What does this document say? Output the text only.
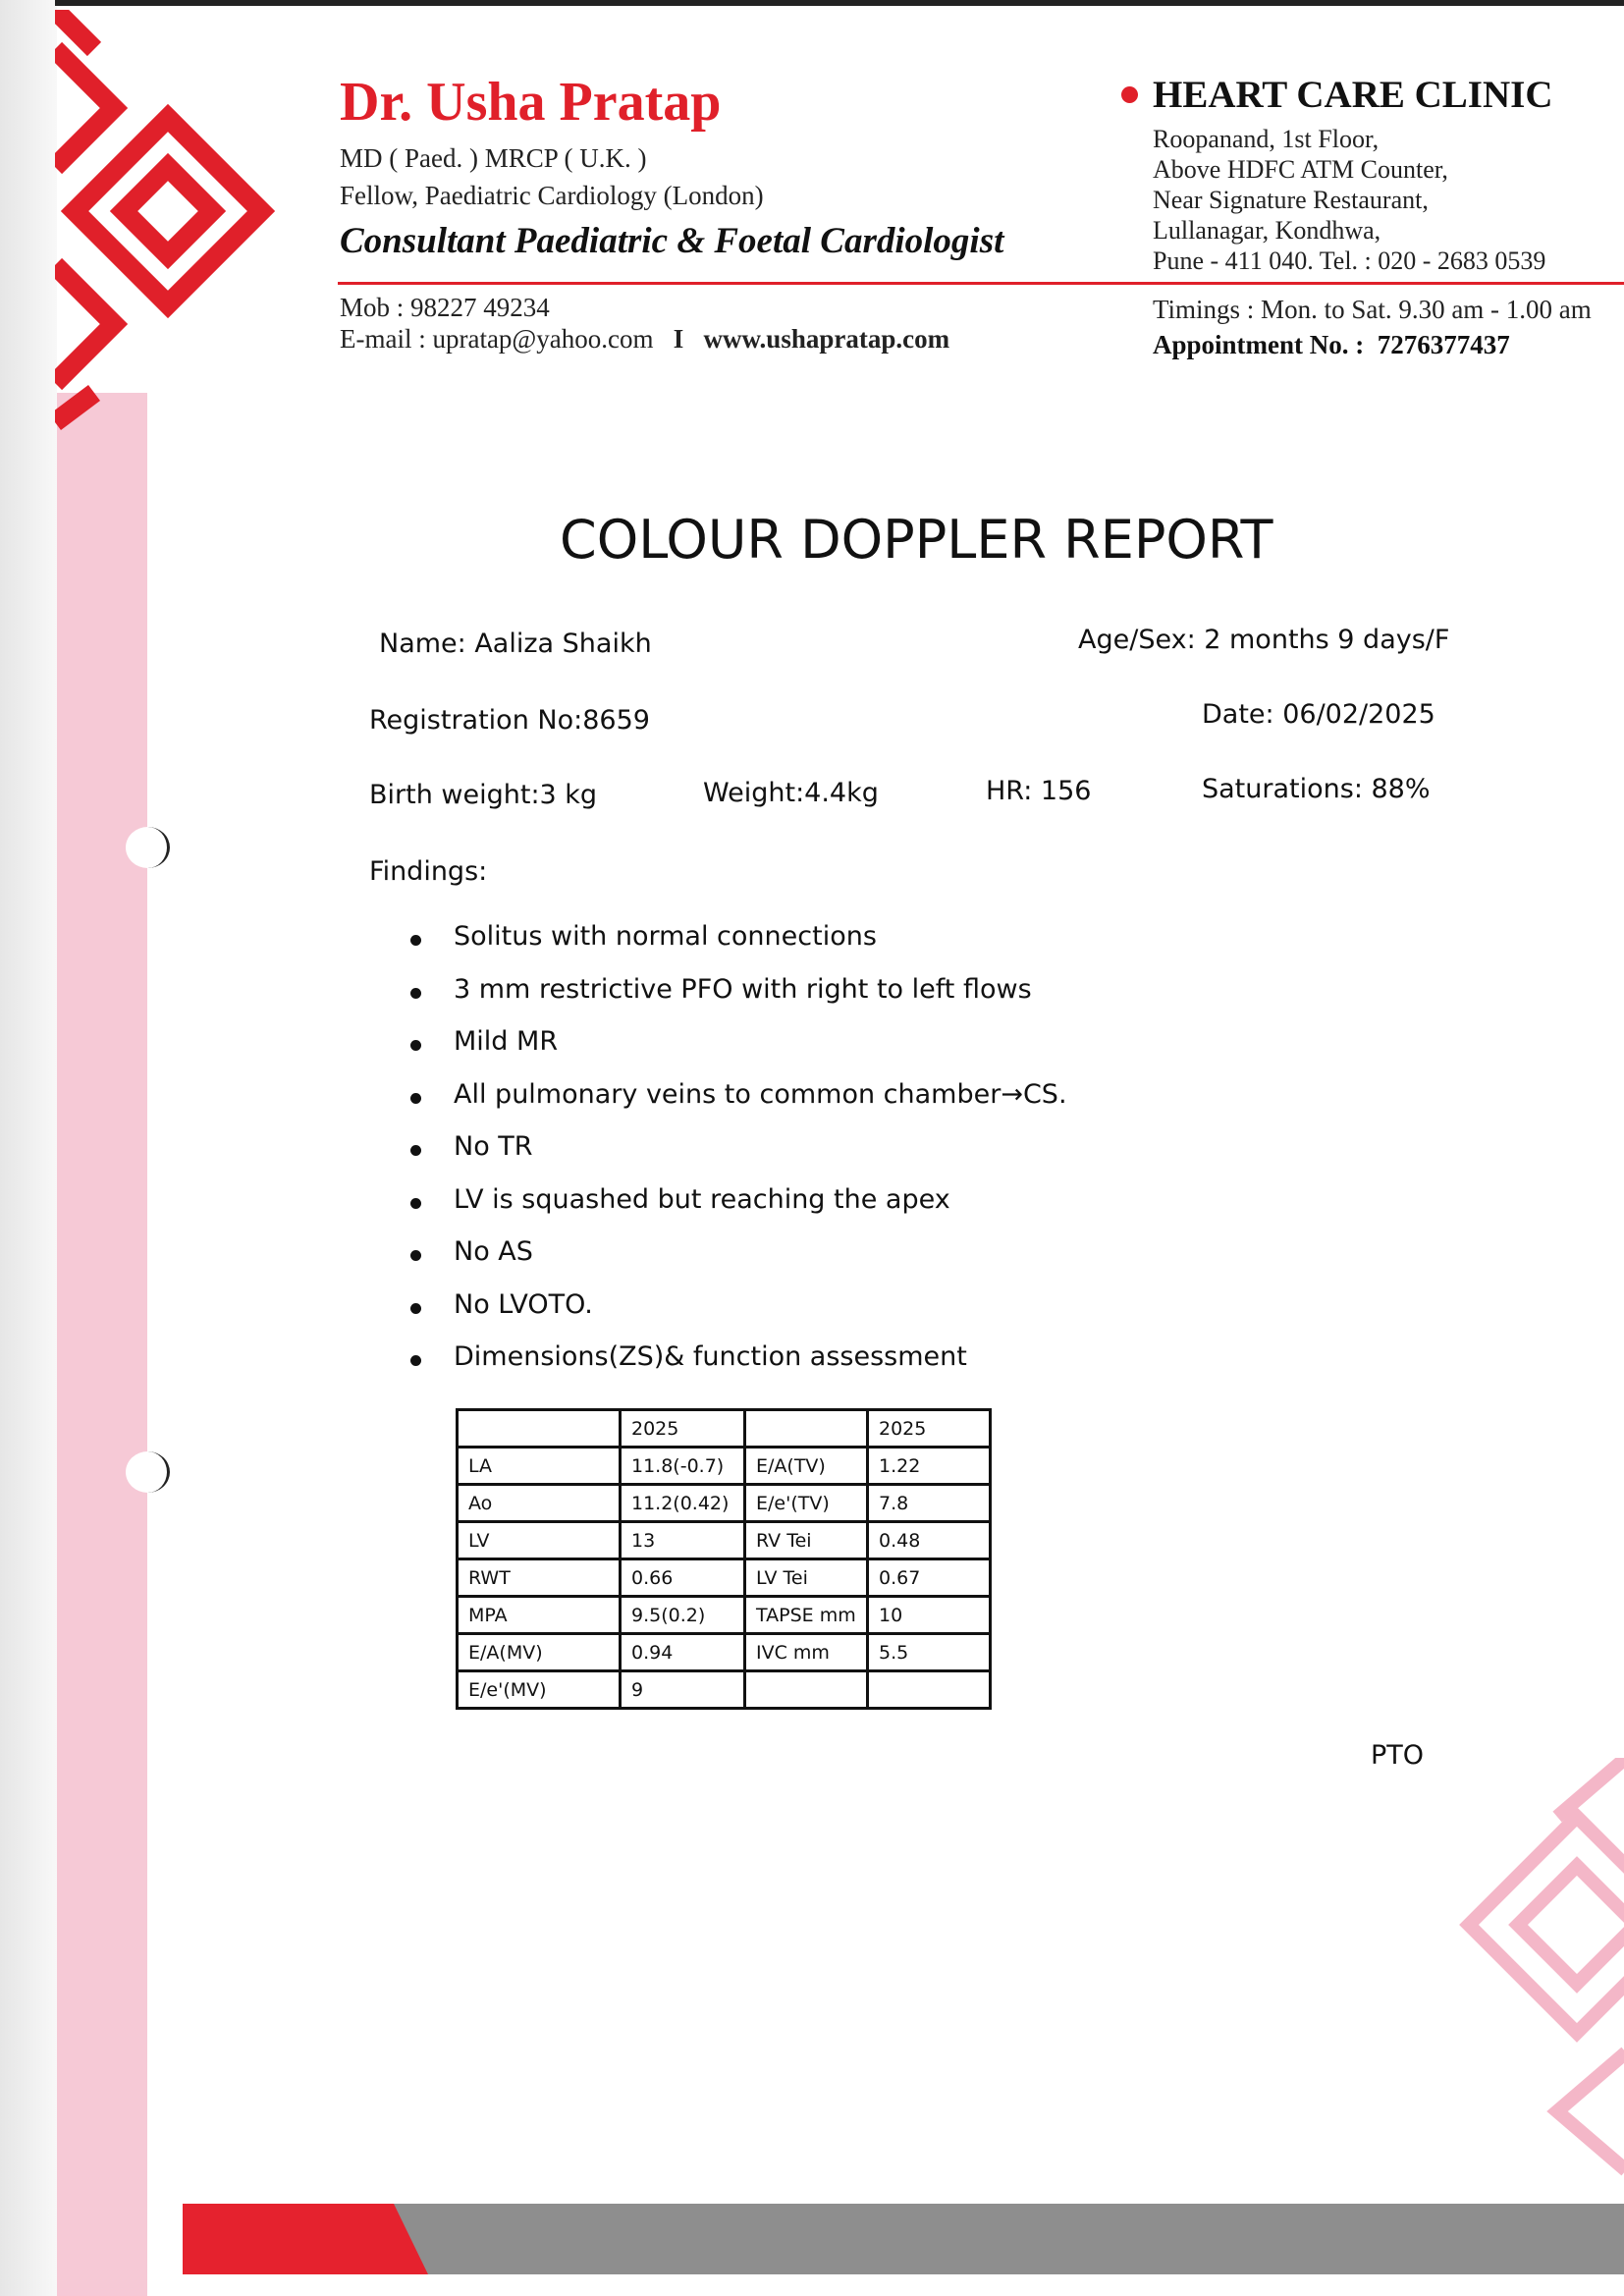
Dr. Usha Pratap
MD ( Paed. ) MRCP ( U.K. )
Fellow, Paediatric Cardiology (London)
Consultant Paediatric & Foetal Cardiologist
Mob : 98227 49234
E-mail : upratap@yahoo.com I www.ushapratap.com
HEART CARE CLINIC
Roopanand, 1st Floor,
Above HDFC ATM Counter,
Near Signature Restaurant,
Lullanagar, Kondhwa,
Pune - 411 040. Tel. : 020 - 2683 0539
Timings : Mon. to Sat. 9.30 am - 1.00 am
Appointment No. : 7276377437
COLOUR DOPPLER REPORT
Name: Aaliza Shaikh	Age/Sex: 2 months 9 days/F
Registration No:8659	Date: 06/02/2025
Birth weight:3 kg	Weight:4.4kg	HR: 156	Saturations: 88%
Findings:
Solitus with normal connections
3 mm restrictive PFO with right to left flows
Mild MR
All pulmonary veins to common chamber→CS.
No TR
LV is squashed but reaching the apex
No AS
No LVOTO.
Dimensions(ZS)& function assessment
	2025		2025
LA	11.8(-0.7)	E/A(TV)	1.22
Ao	11.2(0.42)	E/e'(TV)	7.8
LV	13	RV Tei	0.48
RWT	0.66	LV Tei	0.67
MPA	9.5(0.2)	TAPSE mm	10
E/A(MV)	0.94	IVC mm	5.5
E/e'(MV)	9		
PTO
